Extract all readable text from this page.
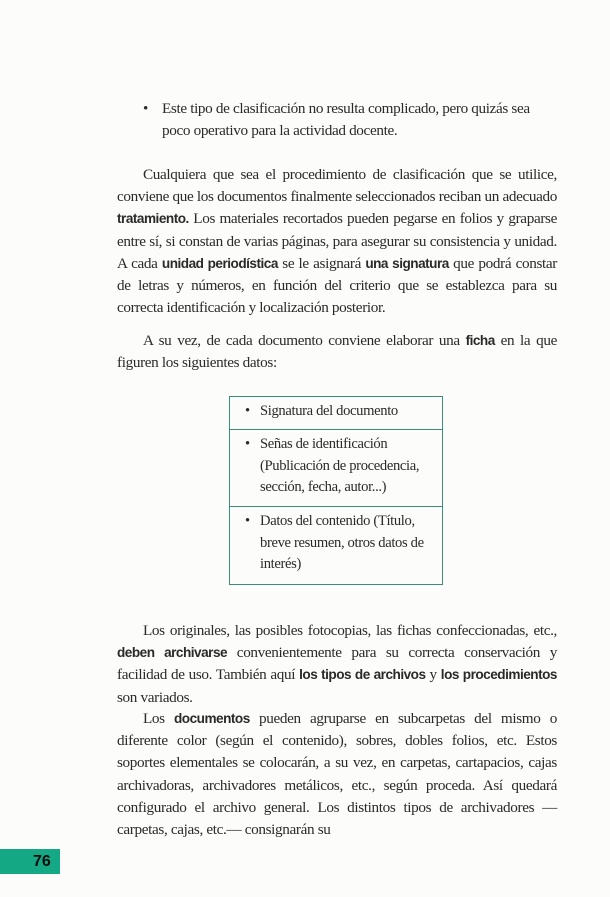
• Este tipo de clasificación no resulta complicado, pero quizás sea poco operativo para la actividad docente.

Cualquiera que sea el procedimiento de clasificación que se utilice, conviene que los documentos finalmente seleccionados reciban un adecuado tratamiento. Los materiales recortados pueden pegarse en folios y graparse entre sí, si constan de varias páginas, para asegurar su consistencia y unidad. A cada unidad periodística se le asignará una signatura que podrá constar de letras y números, en función del criterio que se establezca para su correcta identificación y localización posterior.

A su vez, de cada documento conviene elaborar una ficha en la que figuren los siguientes datos:

• Signatura del documento
• Señas de identificación (Publicación de procedencia, sección, fecha, autor...)
• Datos del contenido (Título, breve resumen, otros datos de interés)

Los originales, las posibles fotocopias, las fichas confeccionadas, etc., deben archivarse convenientemente para su correcta conservación y facilidad de uso. También aquí los tipos de archivos y los procedimientos son variados.

Los documentos pueden agruparse en subcarpetas del mismo o diferente color (según el contenido), sobres, dobles folios, etc. Estos soportes elementales se colocarán, a su vez, en carpetas, cartapacios, cajas archivadoras, archivadores metálicos, etc., según proceda. Así quedará configurado el archivo general. Los distintos tipos de archivadores —carpetas, cajas, etc.— consignarán su

76
